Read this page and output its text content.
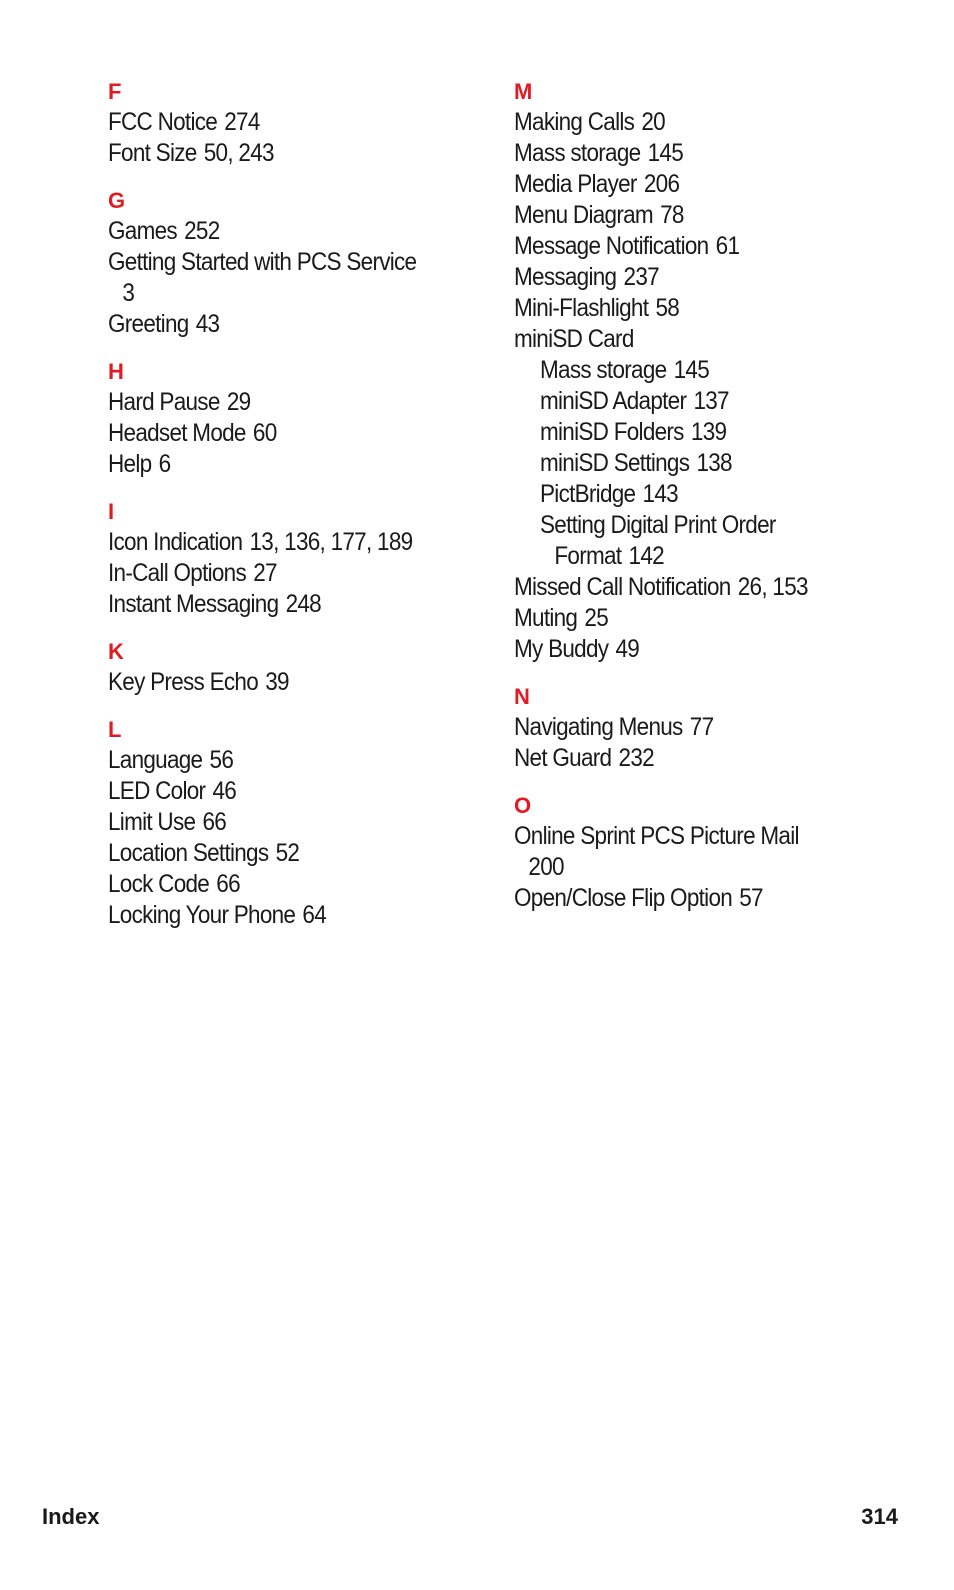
F
FCC Notice 274
Font Size 50, 243
G
Games 252
Getting Started with PCS Service
3
Greeting 43
H
Hard Pause 29
Headset Mode 60
Help 6
I
Icon Indication 13, 136, 177, 189
In-Call Options 27
Instant Messaging 248
K
Key Press Echo 39
L
Language 56
LED Color 46
Limit Use 66
Location Settings 52
Lock Code 66
Locking Your Phone 64
M
Making Calls 20
Mass storage 145
Media Player 206
Menu Diagram 78
Message Notification 61
Messaging 237
Mini-Flashlight 58
miniSD Card
Mass storage 145
miniSD Adapter 137
miniSD Folders 139
miniSD Settings 138
PictBridge 143
Setting Digital Print Order
Format 142
Missed Call Notification 26, 153
Muting 25
My Buddy 49
N
Navigating Menus 77
Net Guard 232
O
Online Sprint PCS Picture Mail
200
Open/Close Flip Option 57
Index	314
